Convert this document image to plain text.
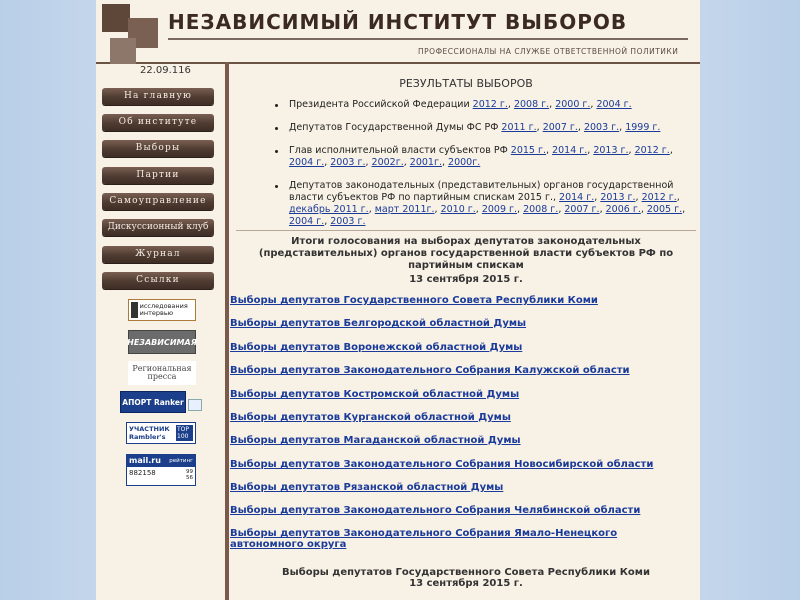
НЕЗАВИСИМЫЙ ИНСТИТУТ ВЫБОРОВ
ПРОФЕССИОНАЛЫ НА СЛУЖБЕ ОТВЕТСТВЕННОЙ ПОЛИТИКИ
22.09.116
На главную
Об институте
Выборы
Партии
Самоуправление
Дискуссионный клуб
Журнал
Ссылки
исследования интервью
НЕЗАВИСИМАЯ
Региональная пресса
АПОРТ Ranker
УЧАСТНИК Rambler's
TOP 100
mail.ru рейтинг
882158	99
56
РЕЗУЛЬТАТЫ ВЫБОРОВ
Президента Российской Федерации 2012 г., 2008 г., 2000 г., 2004 г.
Депутатов Государственной Думы ФС РФ 2011 г., 2007 г., 2003 г., 1999 г.
Глав исполнительной власти субъектов РФ 2015 г., 2014 г., 2013 г., 2012 г., 2004 г., 2003 г., 2002г., 2001г., 2000г.
Депутатов законодательных (представительных) органов государственной власти субъектов РФ по партийным спискам 2015 г., 2014 г., 2013 г., 2012 г., декабрь 2011 г., март 2011г., 2010 г., 2009 г., 2008 г., 2007 г., 2006 г., 2005 г., 2004 г., 2003 г.
Итоги голосования на выборах депутатов законодательных (представительных) органов государственной власти субъектов РФ по партийным спискам
13 сентября 2015 г.
Выборы депутатов Государственного Совета Республики Коми
Выборы депутатов Белгородской областной Думы
Выборы депутатов Воронежской областной Думы
Выборы депутатов Законодательного Собрания Калужской области
Выборы депутатов Костромской областной Думы
Выборы депутатов Курганской областной Думы
Выборы депутатов Магаданской областной Думы
Выборы депутатов Законодательного Собрания Новосибирской области
Выборы депутатов Рязанской областной Думы
Выборы депутатов Законодательного Собрания Челябинской области
Выборы депутатов Законодательного Собрания Ямало-Ненецкого автономного округа
Выборы депутатов Государственного Совета Республики Коми
13 сентября 2015 г.
